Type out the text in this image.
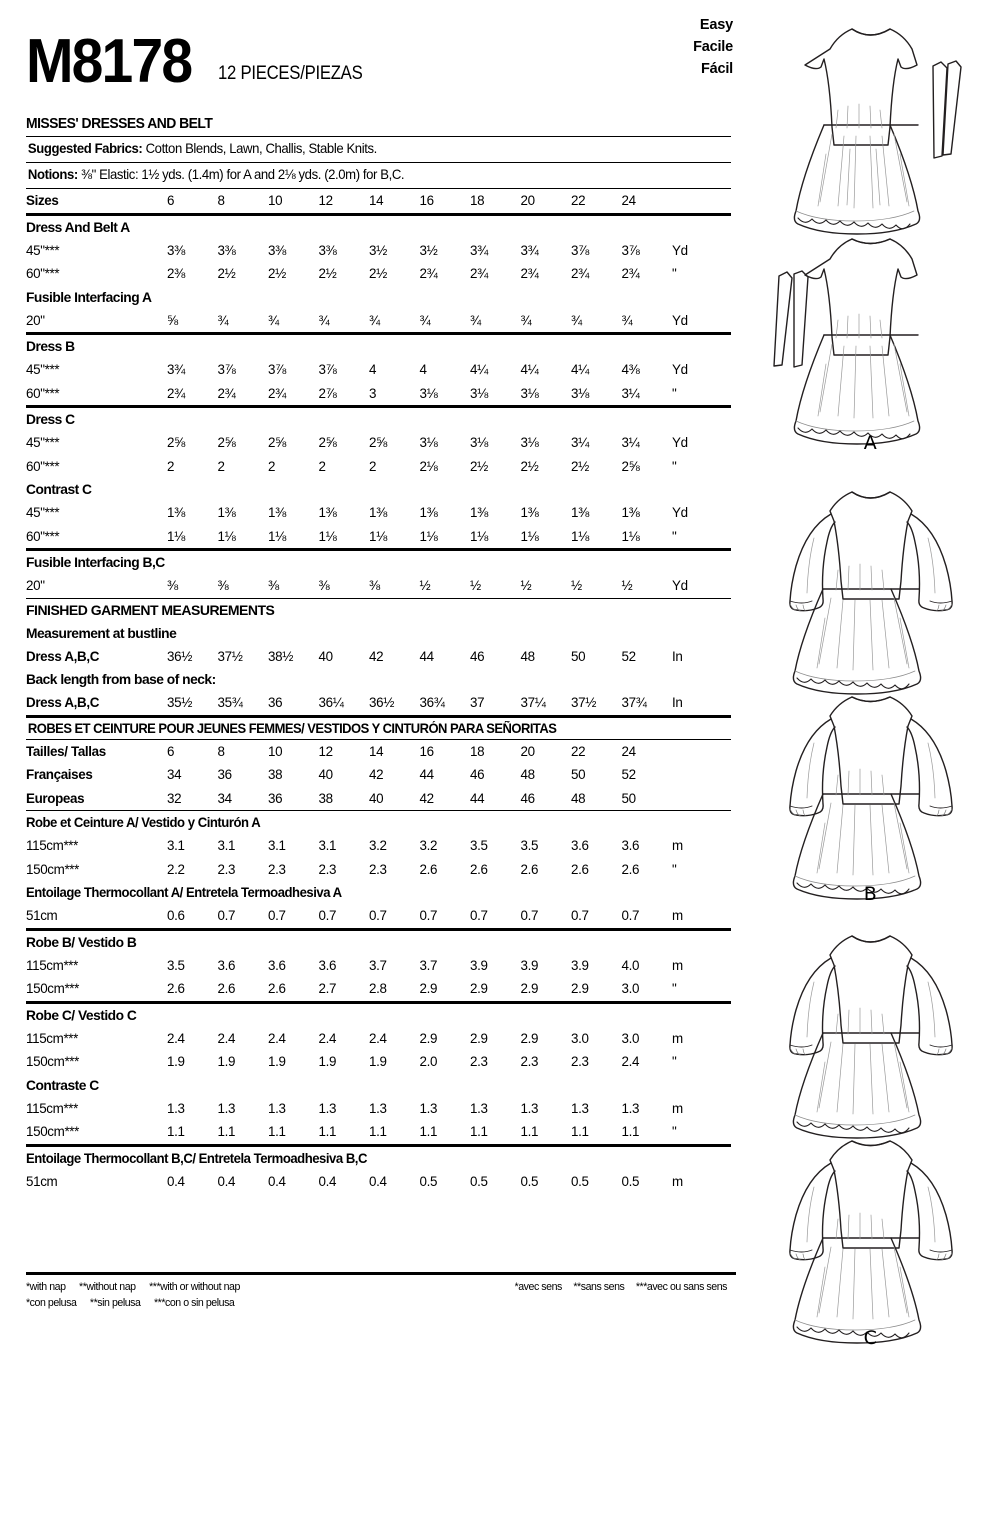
M8178 12 PIECES/PIEZAS
MISSES' DRESSES AND BELT
Suggested Fabrics: Cotton Blends, Lawn, Challis, Stable Knits.
Notions: ⅜" Elastic: 1½ yds. (1.4m) for A and 2⅛ yds. (2.0m) for B,C.
Sizes	6	8	10	12	14	16	18	20	22	24	
Dress And Belt A											
45"***	3⅜	3⅜	3⅜	3⅜	3½	3½	3¾	3¾	3⅞	3⅞	Yd
60"***	2⅜	2½	2½	2½	2½	2¾	2¾	2¾	2¾	2¾	"
Fusible Interfacing A											
20"	⅝	¾	¾	¾	¾	¾	¾	¾	¾	¾	Yd
Dress B											
45"***	3¾	3⅞	3⅞	3⅞	4	4	4¼	4¼	4¼	4⅜	Yd
60"***	2¾	2¾	2¾	2⅞	3	3⅛	3⅛	3⅛	3⅛	3¼	"
Dress C											
45"***	2⅝	2⅝	2⅝	2⅝	2⅝	3⅛	3⅛	3⅛	3¼	3¼	Yd
60"***	2	2	2	2	2	2⅛	2½	2½	2½	2⅝	"
Contrast C											
45"***	1⅜	1⅜	1⅜	1⅜	1⅜	1⅜	1⅜	1⅜	1⅜	1⅜	Yd
60"***	1⅛	1⅛	1⅛	1⅛	1⅛	1⅛	1⅛	1⅛	1⅛	1⅛	"
Fusible Interfacing B,C
20"	⅜	⅜	⅜	⅜	⅜	½	½	½	½	½	Yd
FINISHED GARMENT MEASUREMENTS											
Measurement at bustline											
Dress A,B,C	36½	37½	38½	40	42	44	46	48	50	52	In
Back length from base of neck:											
Dress A,B,C	35½	35¾	36	36¼	36½	36¾	37	37¼	37½	37¾	In
ROBES ET CEINTURE POUR JEUNES FEMMES/ VESTIDOS Y CINTURÓN PARA SEÑORITAS
Tailles/ Tallas	6	8	10	12	14	16	18	20	22	24	
Françaises	34	36	38	40	42	44	46	48	50	52	
Europeas	32	34	36	38	40	42	44	46	48	50	
Robe et Ceinture A/ Vestido y Cinturón A											
115cm***	3.1	3.1	3.1	3.1	3.2	3.2	3.5	3.5	3.6	3.6	m
150cm***	2.2	2.3	2.3	2.3	2.3	2.6	2.6	2.6	2.6	2.6	"
Entoilage Thermocollant A/ Entretela Termoadhesiva A											
51cm	0.6	0.7	0.7	0.7	0.7	0.7	0.7	0.7	0.7	0.7	m
Robe B/ Vestido B											
115cm***	3.5	3.6	3.6	3.6	3.7	3.7	3.9	3.9	3.9	4.0	m
150cm***	2.6	2.6	2.6	2.7	2.8	2.9	2.9	2.9	2.9	3.0	"
Robe C/ Vestido C											
115cm***	2.4	2.4	2.4	2.4	2.4	2.9	2.9	2.9	3.0	3.0	m
150cm***	1.9	1.9	1.9	1.9	1.9	2.0	2.3	2.3	2.3	2.4	"
Contraste C											
115cm***	1.3	1.3	1.3	1.3	1.3	1.3	1.3	1.3	1.3	1.3	m
150cm***	1.1	1.1	1.1	1.1	1.1	1.1	1.1	1.1	1.1	1.1	"
Entoilage Thermocollant B,C/ Entretela Termoadhesiva B,C
51cm	0.4	0.4	0.4	0.4	0.4	0.5	0.5	0.5	0.5	0.5	m
Easy
Facile
Fácil
*with nap **without nap ***with or without nap	*avec sens **sans sens ***avec ou sans sens
*con pelusa **sin pelusa ***con o sin pelusa
A
B
C
